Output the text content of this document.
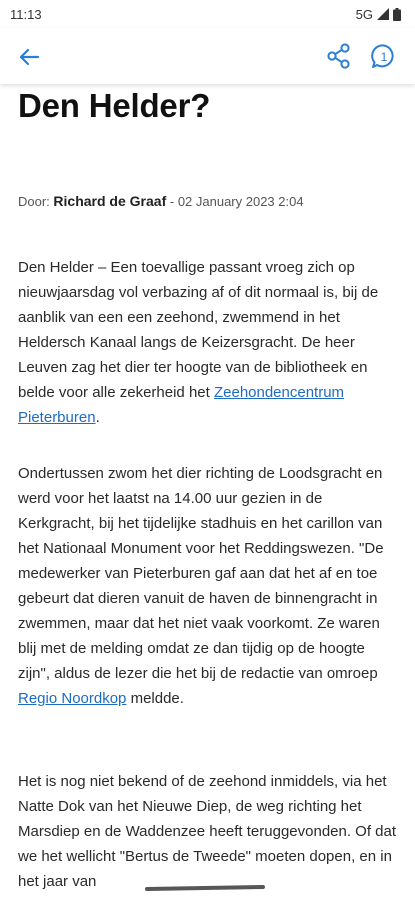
11:13	5G
1
Den Helder?
Door: Richard de Graaf - 02 January 2023 2:04

Den Helder – Een toevallige passant vroeg zich op nieuwjaarsdag vol verbazing af of dit normaal is, bij de aanblik van een een zeehond, zwemmend in het Heldersch Kanaal langs de Keizersgracht. De heer Leuven zag het dier ter hoogte van de bibliotheek en belde voor alle zekerheid het Zeehondencentrum Pieterburen.

Ondertussen zwom het dier richting de Loodsgracht en werd voor het laatst na 14.00 uur gezien in de Kerkgracht, bij het tijdelijke stadhuis en het carillon van het Nationaal Monument voor het Reddingswezen. "De medewerker van Pieterburen gaf aan dat het af en toe gebeurt dat dieren vanuit de haven de binnengracht in zwemmen, maar dat het niet vaak voorkomt. Ze waren blij met de melding omdat ze dan tijdig op de hoogte zijn", aldus de lezer die het bij de redactie van omroep Regio Noordkop meldde.

Het is nog niet bekend of de zeehond inmiddels, via het Natte Dok van het Nieuwe Diep, de weg richting het Marsdiep en de Waddenzee heeft teruggevonden. Of dat we het wellicht "Bertus de Tweede" moeten dopen, en in het jaar van
